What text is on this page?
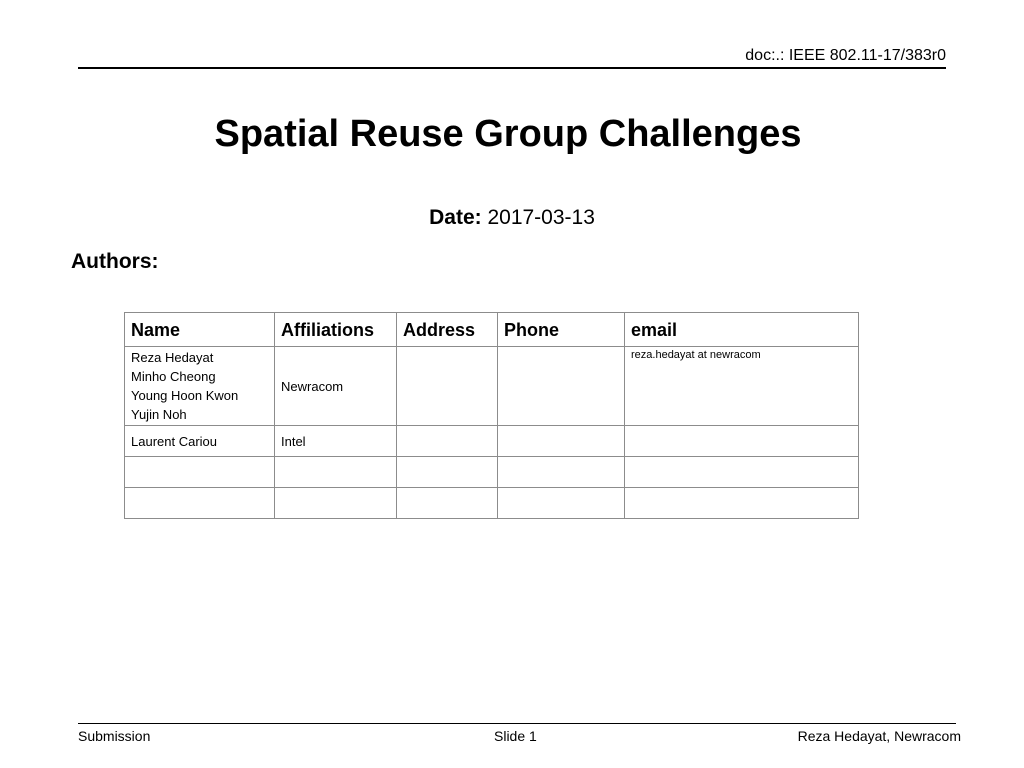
doc:.: IEEE 802.11-17/383r0
Spatial Reuse Group Challenges
Date: 2017-03-13
Authors:
Name	Affiliations	Address	Phone	email

Reza Hedayat
Minho Cheong
Young Hoon Kwon
Yujin Noh	Newracom			reza.hedayat at newracom

Laurent Cariou	Intel			

Submission	Slide 1	Reza Hedayat, Newracom
